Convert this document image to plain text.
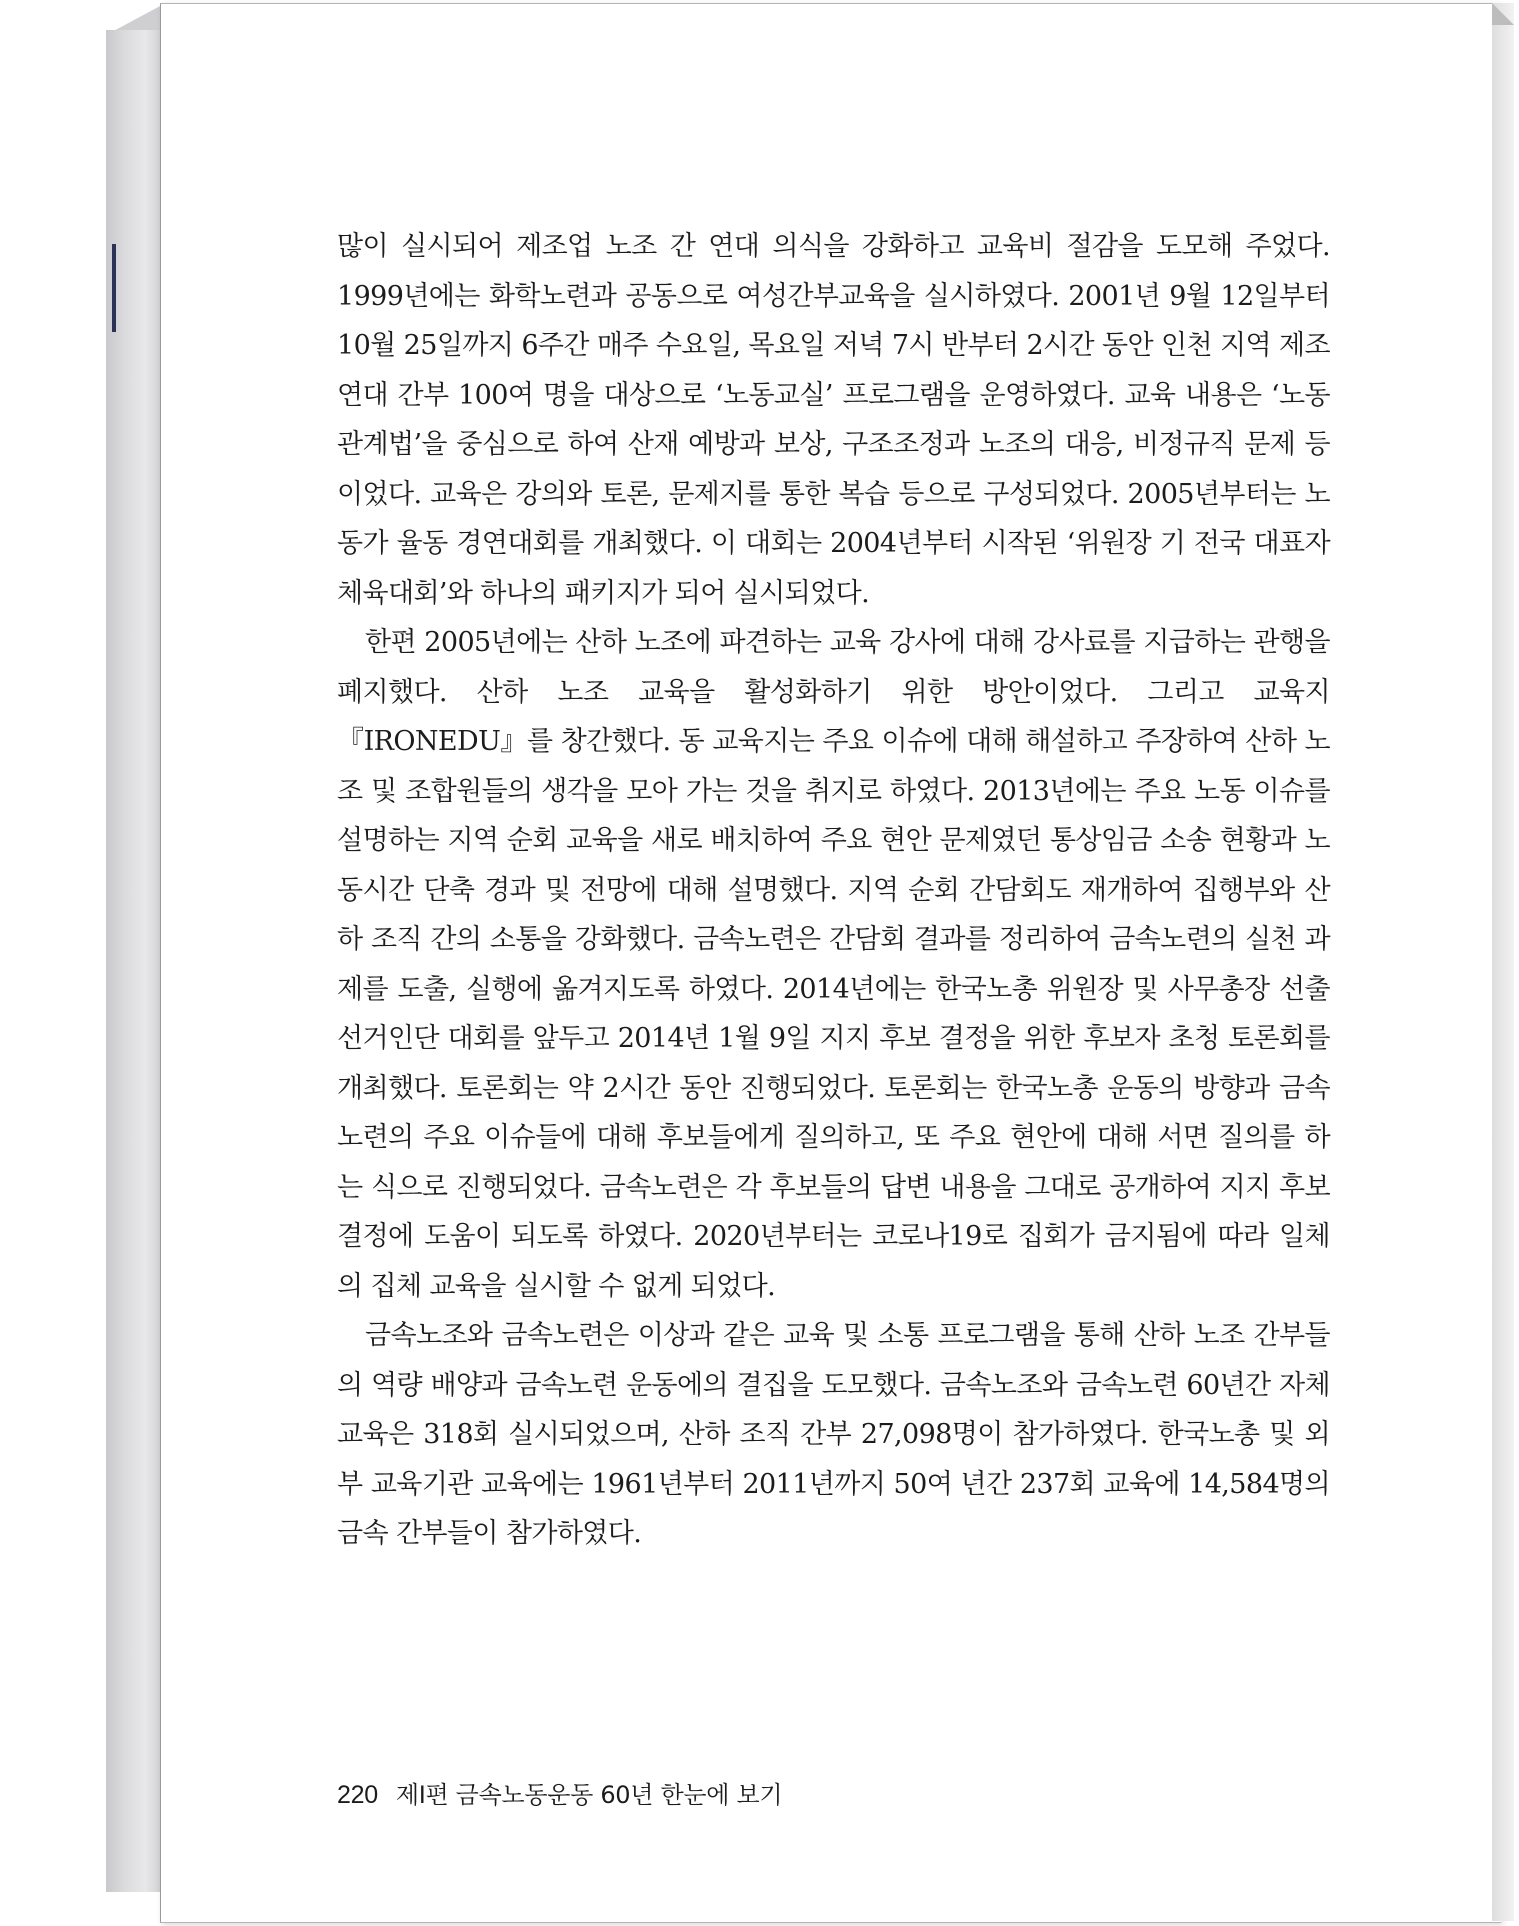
많이 실시되어 제조업 노조 간 연대 의식을 강화하고 교육비 절감을 도모해 주었다. 1999년에는 화학노련과 공동으로 여성간부교육을 실시하였다. 2001년 9월 12일부터 10월 25일까지 6주간 매주 수요일, 목요일 저녁 7시 반부터 2시간 동안 인천 지역 제조연대 간부 100여 명을 대상으로 ‘노동교실’ 프로그램을 운영하였다. 교육 내용은 ‘노동관계법’을 중심으로 하여 산재 예방과 보상, 구조조정과 노조의 대응, 비정규직 문제 등이었다. 교육은 강의와 토론, 문제지를 통한 복습 등으로 구성되었다. 2005년부터는 노동가 율동 경연대회를 개최했다. 이 대회는 2004년부터 시작된 ‘위원장 기 전국 대표자 체육대회’와 하나의 패키지가 되어 실시되었다.

한편 2005년에는 산하 노조에 파견하는 교육 강사에 대해 강사료를 지급하는 관행을 폐지했다. 산하 노조 교육을 활성화하기 위한 방안이었다. 그리고 교육지『IRONEDU』를 창간했다. 동 교육지는 주요 이슈에 대해 해설하고 주장하여 산하 노조 및 조합원들의 생각을 모아 가는 것을 취지로 하였다. 2013년에는 주요 노동 이슈를 설명하는 지역 순회 교육을 새로 배치하여 주요 현안 문제였던 통상임금 소송 현황과 노동시간 단축 경과 및 전망에 대해 설명했다. 지역 순회 간담회도 재개하여 집행부와 산하 조직 간의 소통을 강화했다. 금속노련은 간담회 결과를 정리하여 금속노련의 실천 과제를 도출, 실행에 옮겨지도록 하였다. 2014년에는 한국노총 위원장 및 사무총장 선출 선거인단 대회를 앞두고 2014년 1월 9일 지지 후보 결정을 위한 후보자 초청 토론회를 개최했다. 토론회는 약 2시간 동안 진행되었다. 토론회는 한국노총 운동의 방향과 금속노련의 주요 이슈들에 대해 후보들에게 질의하고, 또 주요 현안에 대해 서면 질의를 하는 식으로 진행되었다. 금속노련은 각 후보들의 답변 내용을 그대로 공개하여 지지 후보 결정에 도움이 되도록 하였다. 2020년부터는 코로나19로 집회가 금지됨에 따라 일체의 집체 교육을 실시할 수 없게 되었다.

금속노조와 금속노련은 이상과 같은 교육 및 소통 프로그램을 통해 산하 노조 간부들의 역량 배양과 금속노련 운동에의 결집을 도모했다. 금속노조와 금속노련 60년간 자체 교육은 318회 실시되었으며, 산하 조직 간부 27,098명이 참가하였다. 한국노총 및 외부 교육기관 교육에는 1961년부터 2011년까지 50여 년간 237회 교육에 14,584명의 금속 간부들이 참가하였다.

220 제Ⅰ편 금속노동운동 60년 한눈에 보기
